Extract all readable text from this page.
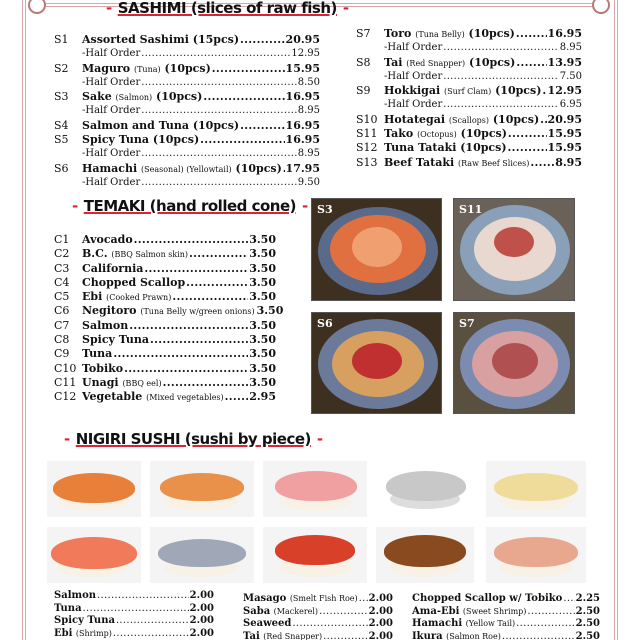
- SASHIMI (slices of raw fish) -
S1	Assorted Sashimi (15pcs) .....	20.95
-Half Order .....	12.95
S2	Maguro (Tuna) (10pcs) .....	15.95
-Half Order .....	8.50
S3	Sake (Salmon) (10pcs) .....	16.95
-Half Order .....	8.95
S4	Salmon and Tuna (10pcs) .....	16.95
S5	Spicy Tuna (10pcs) .....	16.95
-Half Order .....	8.95
S6	Hamachi (Seasonal) (Yellowtail) (10pcs) ..... 17.95
-Half Order .....	9.50
S7	Toro (Tuna Belly) (10pcs) .....	16.95
-Half Order .....	8.95
S8	Tai (Red Snapper) (10pcs) .....	13.95
-Half Order .....	7.50
S9	Hokkigai (Surf Clam) (10pcs) ..... 12.95
-Half Order .....	6.95
S10 Hotategai (Scallops) (10pcs) ..... 20.95
S11 Tako (Octopus) (10pcs) .....	15.95
S12 Tuna Tataki (10pcs) .....	15.95
S13 Beef Tataki (Raw Beef Slices) ..... 8.95
- TEMAKI (hand rolled cone) -
C1	Avocado .....	3.50
C2	B.C. (BBQ Salmon skin) .....	3.50
C3	California .....	3.50
C4	Chopped Scallop .....	3.50
C5	Ebi (Cooked Prawn) .....	3.50
C6	Negitoro (Tuna Belly w/green onions) 3.50
C7	Salmon .....	3.50
C8	Spicy Tuna .....	3.50
C9	Tuna .....	3.50
C10 Tobiko .....	3.50
C11 Unagi (BBQ eel) .....	3.50
C12 Vegetable (Mixed vegetables) ..... 2.95
S3	S11
S6	S7
- NIGIRI SUSHI (sushi by piece) -
Salmon .....	2.00
Tuna .....	2.00
Spicy Tuna .....	2.00
Ebi (Shrimp) .....	2.00
Masago (Smelt Fish Roe) ..... 2.00
Saba (Mackerel) .....	2.00
Seaweed .....	2.00
Tai (Red Snapper) .....	2.00
Chopped Scallop w/ Tobiko ..... 2.25
Ama-Ebi (Sweet Shrimp) .....	2.50
Hamachi (Yellow Tail) .....	2.50
Ikura (Salmon Roe) .....	2.50
